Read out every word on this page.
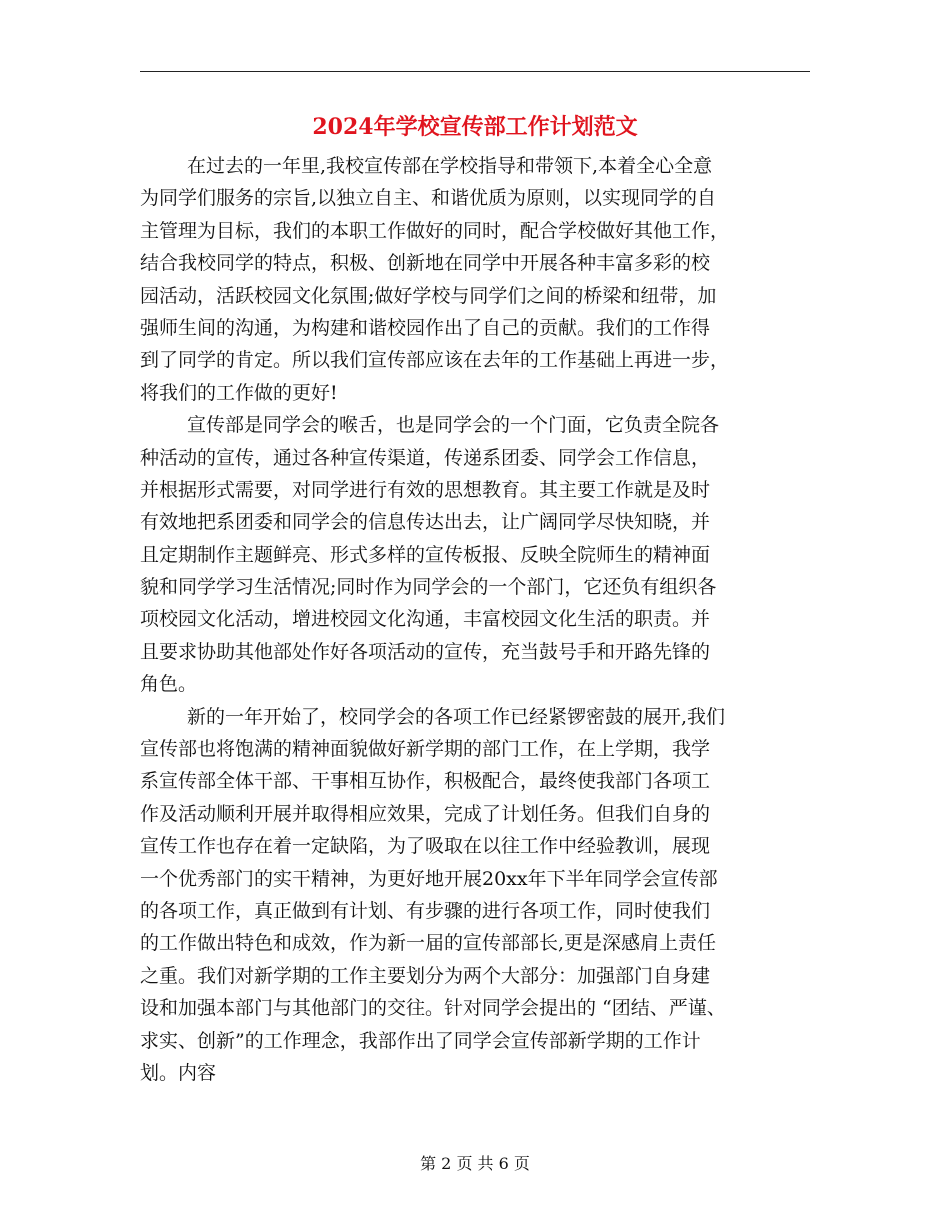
2024年学校宣传部工作计划范文
在过去的一年里,我校宣传部在学校指导和带领下,本着全心全意
为同学们服务的宗旨,以独立自主、和谐优质为原则，以实现同学的自
主管理为目标，我们的本职工作做好的同时，配合学校做好其他工作，
结合我校同学的特点，积极、创新地在同学中开展各种丰富多彩的校
园活动，活跃校园文化氛围;做好学校与同学们之间的桥梁和纽带，加
强师生间的沟通，为构建和谐校园作出了自己的贡献。我们的工作得
到了同学的肯定。所以我们宣传部应该在去年的工作基础上再进一步，
将我们的工作做的更好!
宣传部是同学会的喉舌，也是同学会的一个门面，它负责全院各
种活动的宣传，通过各种宣传渠道，传递系团委、同学会工作信息，
并根据形式需要，对同学进行有效的思想教育。其主要工作就是及时
有效地把系团委和同学会的信息传达出去，让广阔同学尽快知晓，并
且定期制作主题鲜亮、形式多样的宣传板报、反映全院师生的精神面
貌和同学学习生活情况;同时作为同学会的一个部门，它还负有组织各
项校园文化活动，增进校园文化沟通，丰富校园文化生活的职责。并
且要求协助其他部处作好各项活动的宣传，充当鼓号手和开路先锋的
角色。
新的一年开始了，校同学会的各项工作已经紧锣密鼓的展开,我们
宣传部也将饱满的精神面貌做好新学期的部门工作，在上学期，我学
系宣传部全体干部、干事相互协作，积极配合，最终使我部门各项工
作及活动顺利开展并取得相应效果，完成了计划任务。但我们自身的
宣传工作也存在着一定缺陷，为了吸取在以往工作中经验教训，展现
一个优秀部门的实干精神，为更好地开展20xx年下半年同学会宣传部
的各项工作，真正做到有计划、有步骤的进行各项工作，同时使我们
的工作做出特色和成效，作为新一届的宣传部部长,更是深感肩上责任
之重。我们对新学期的工作主要划分为两个大部分：加强部门自身建
设和加强本部门与其他部门的交往。针对同学会提出的 “团结、严谨、
求实、创新”的工作理念，我部作出了同学会宣传部新学期的工作计
划。内容
第 2 页 共 6 页
